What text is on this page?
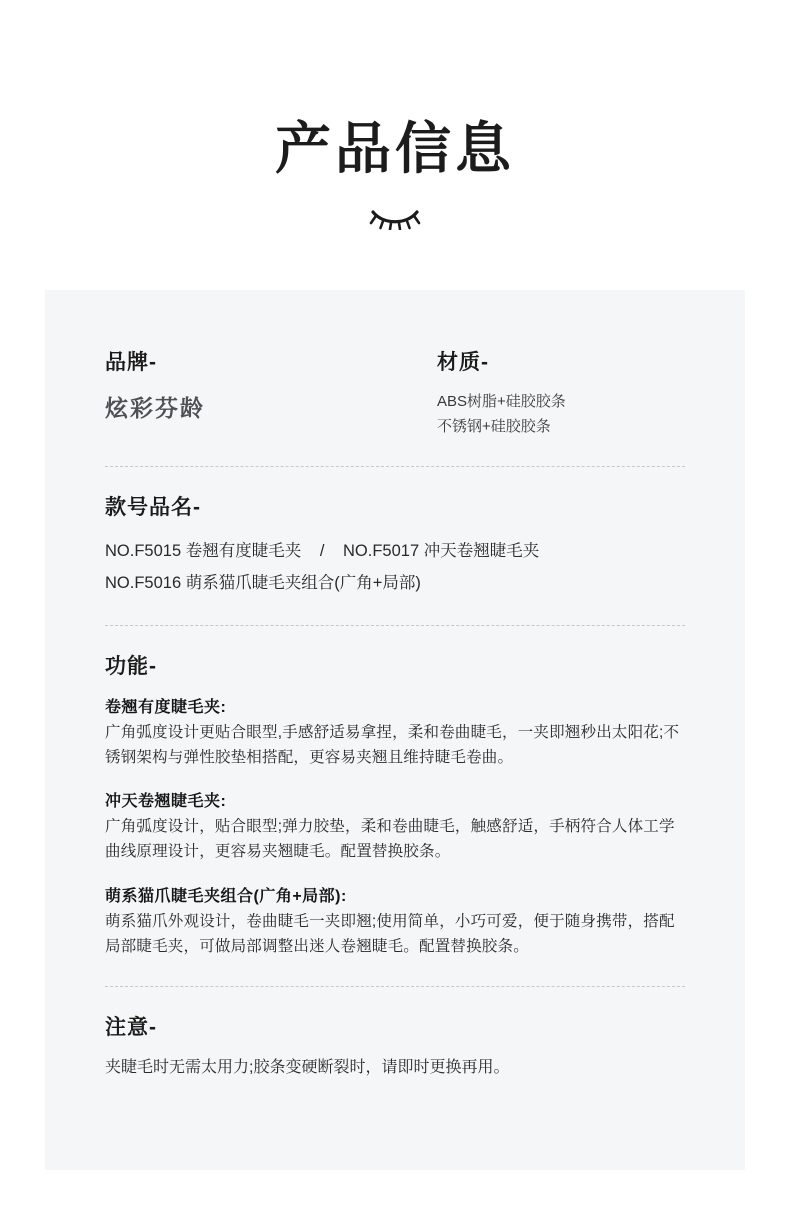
产品信息

品牌-

炫彩芬龄

材质-

ABS树脂+硅胶胶条
不锈钢+硅胶胶条

款号品名-

NO.F5015 卷翘有度睫毛夹 / NO.F5017 冲天卷翘睫毛夹
NO.F5016 萌系猫爪睫毛夹组合(广角+局部)

功能-

卷翘有度睫毛夹:

广角弧度设计更贴合眼型,手感舒适易拿捏，柔和卷曲睫毛，一夹即翘秒出太阳花;不锈钢架构与弹性胶垫相搭配，更容易夹翘且维持睫毛卷曲。

冲天卷翘睫毛夹:

广角弧度设计，贴合眼型;弹力胶垫，柔和卷曲睫毛，触感舒适，手柄符合人体工学曲线原理设计，更容易夹翘睫毛。配置替换胶条。

萌系猫爪睫毛夹组合(广角+局部):

萌系猫爪外观设计，卷曲睫毛一夹即翘;使用简单，小巧可爱，便于随身携带，搭配局部睫毛夹，可做局部调整出迷人卷翘睫毛。配置替换胶条。

注意-

夹睫毛时无需太用力;胶条变硬断裂时，请即时更换再用。
